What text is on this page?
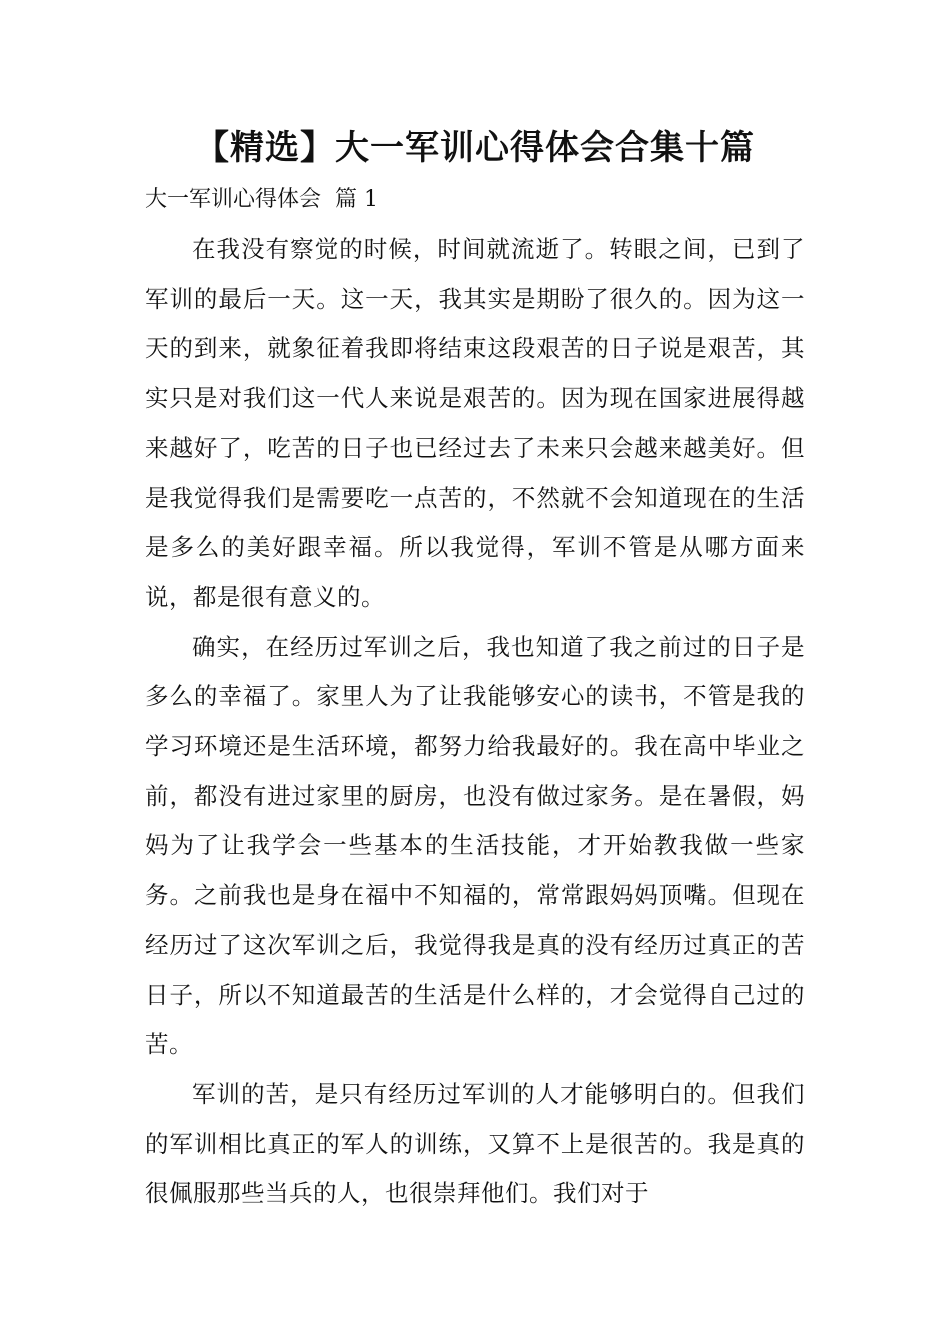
【精选】大一军训心得体会合集十篇
大一军训心得体会  篇 1

在我没有察觉的时候，时间就流逝了。转眼之间，已到了军训的最后一天。这一天，我其实是期盼了很久的。因为这一天的到来，就象征着我即将结束这段艰苦的日子说是艰苦，其实只是对我们这一代人来说是艰苦的。因为现在国家进展得越来越好了，吃苦的日子也已经过去了未来只会越来越美好。但是我觉得我们是需要吃一点苦的，不然就不会知道现在的生活是多么的美好跟幸福。所以我觉得，军训不管是从哪方面来说，都是很有意义的。

确实，在经历过军训之后，我也知道了我之前过的日子是多么的幸福了。家里人为了让我能够安心的读书，不管是我的学习环境还是生活环境，都努力给我最好的。我在高中毕业之前，都没有进过家里的厨房，也没有做过家务。是在暑假，妈妈为了让我学会一些基本的生活技能，才开始教我做一些家务。之前我也是身在福中不知福的，常常跟妈妈顶嘴。但现在经历过了这次军训之后，我觉得我是真的没有经历过真正的苦日子，所以不知道最苦的生活是什么样的，才会觉得自己过的苦。

军训的苦，是只有经历过军训的人才能够明白的。但我们的军训相比真正的军人的训练，又算不上是很苦的。我是真的很佩服那些当兵的人，也很崇拜他们。我们对于
